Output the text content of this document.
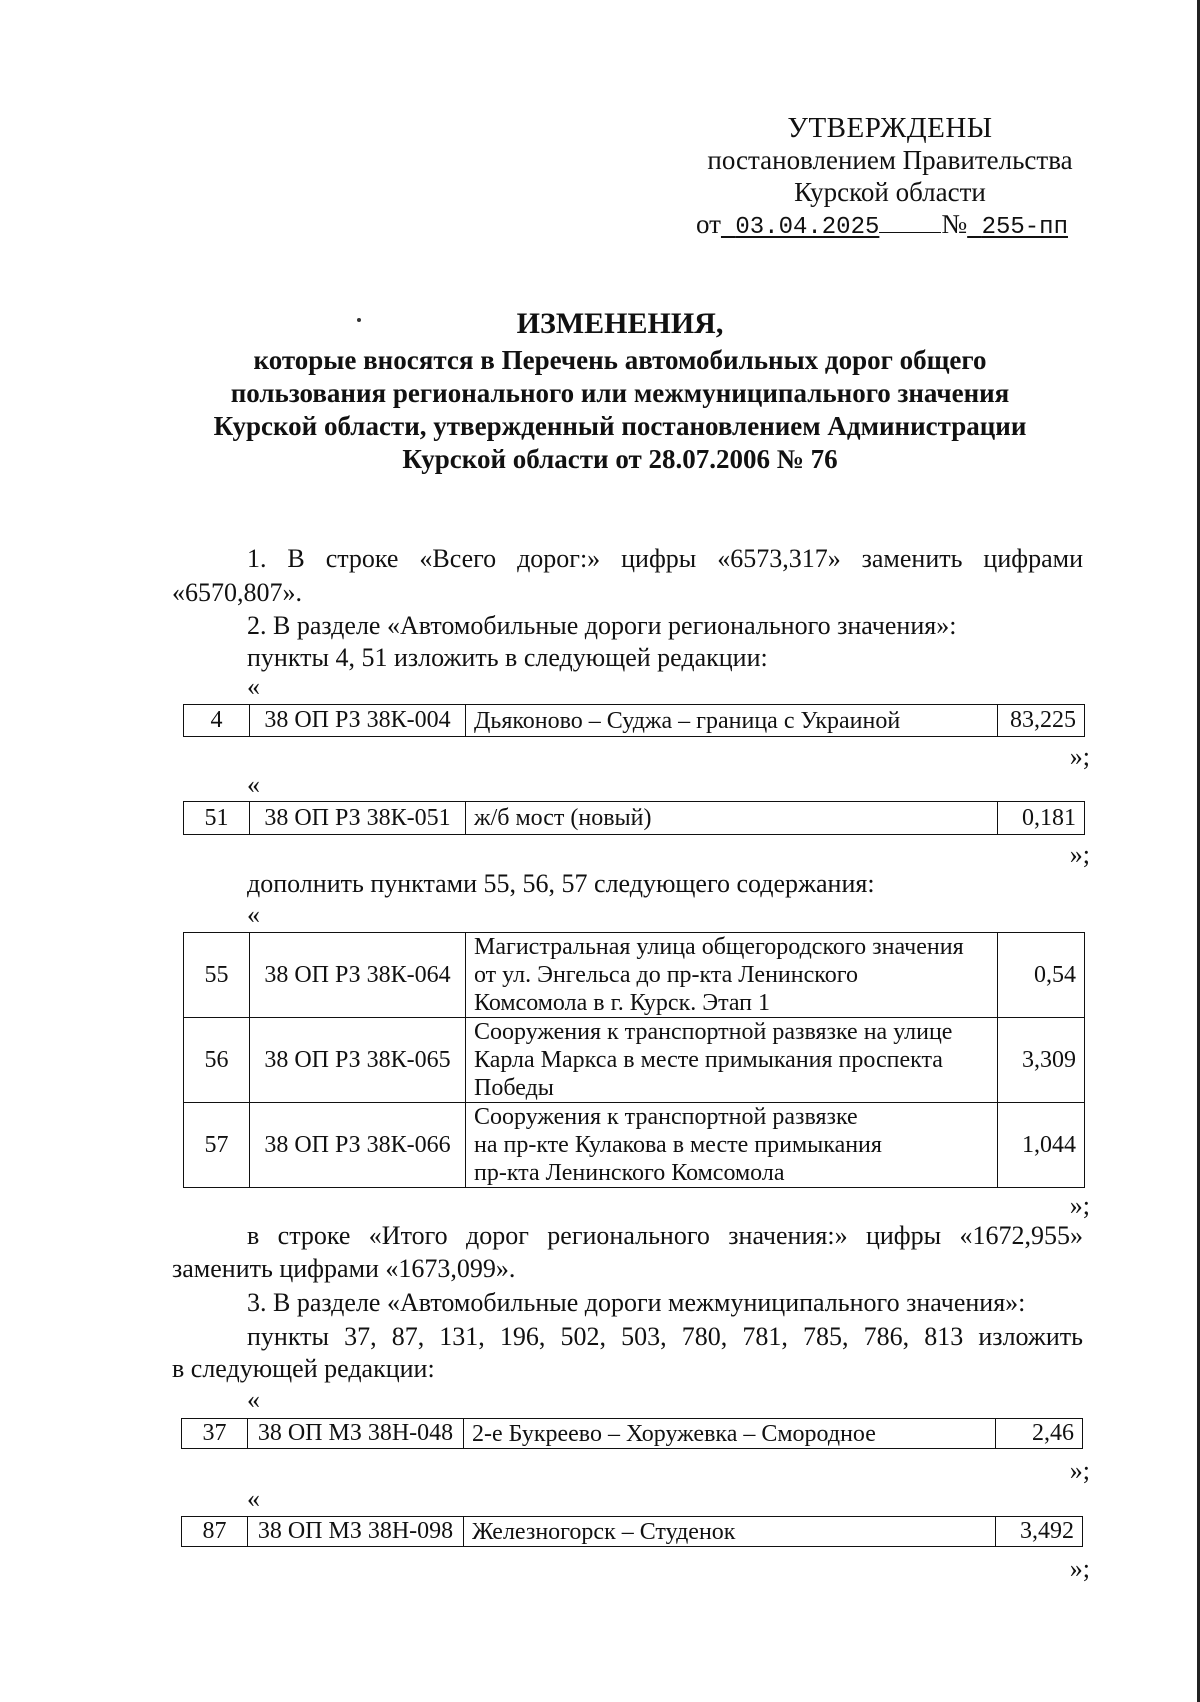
УТВЕРЖДЕНЫ
постановлением Правительства
Курской области
от 03.04.2025 № 255-пп
ИЗМЕНЕНИЯ,
которые вносятся в Перечень автомобильных дорог общего
пользования регионального или межмуниципального значения
Курской области, утвержденный постановлением Администрации
Курской области от 28.07.2006 № 76
1. В строке «Всего дорог:» цифры «6573,317» заменить цифрами
«6570,807».
2. В разделе «Автомобильные дороги регионального значения»:
пункты 4, 51 изложить в следующей редакции:
«
4	38 ОП РЗ 38К-004	Дьяконово – Суджа – граница с Украиной	83,225
»;
«
51	38 ОП РЗ 38К-051	ж/б мост (новый)	0,181
»;
дополнить пунктами 55, 56, 57 следующего содержания:
«
55	38 ОП РЗ 38К-064	Магистральная улица общегородского значения
от ул. Энгельса до пр-кта Ленинского
Комсомола в г. Курск. Этап 1	0,54
56	38 ОП РЗ 38К-065	Сооружения к транспортной развязке на улице
Карла Маркса в месте примыкания проспекта
Победы	3,309
57	38 ОП РЗ 38К-066	Сооружения к транспортной развязке
на пр-кте Кулакова в месте примыкания
пр-кта Ленинского Комсомола	1,044
»;
в строке «Итого дорог регионального значения:» цифры «1672,955»
заменить цифрами «1673,099».
3. В разделе «Автомобильные дороги межмуниципального значения»:
пункты 37, 87, 131, 196, 502, 503, 780, 781, 785, 786, 813 изложить
в следующей редакции:
«
37	38 ОП МЗ 38Н-048	2-е Букреево – Хоружевка – Смородное	2,46
»;
«
87	38 ОП МЗ 38Н-098	Железногорск – Студенок	3,492
»;
